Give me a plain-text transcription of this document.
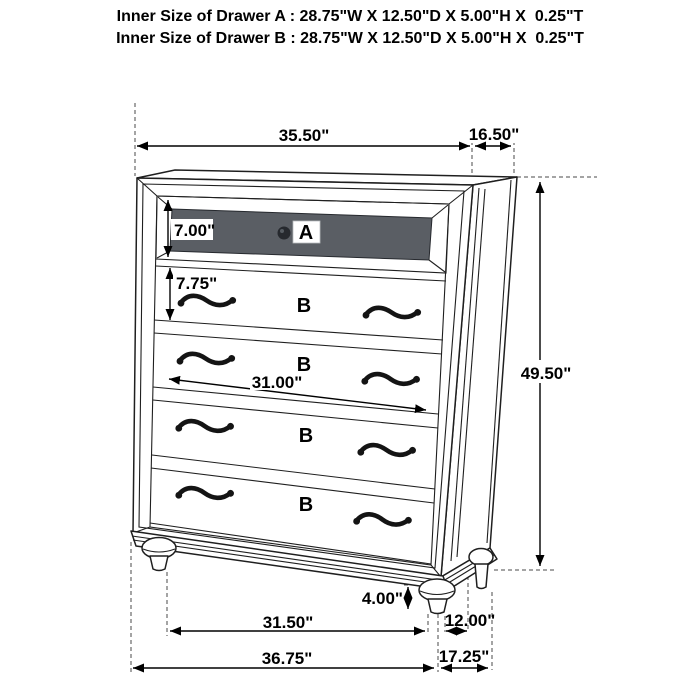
Inner Size of Drawer A : 28.75"W X 12.50"D X 5.00"H X  0.25"T
Inner Size of Drawer B : 28.75"W X 12.50"D X 5.00"H X  0.25"T
35.50"	16.50"
49.50"
7.00"
7.75"
31.00"
4.00"
31.50"	12.00"
36.75"	17.25"
A
B
B
B
B
